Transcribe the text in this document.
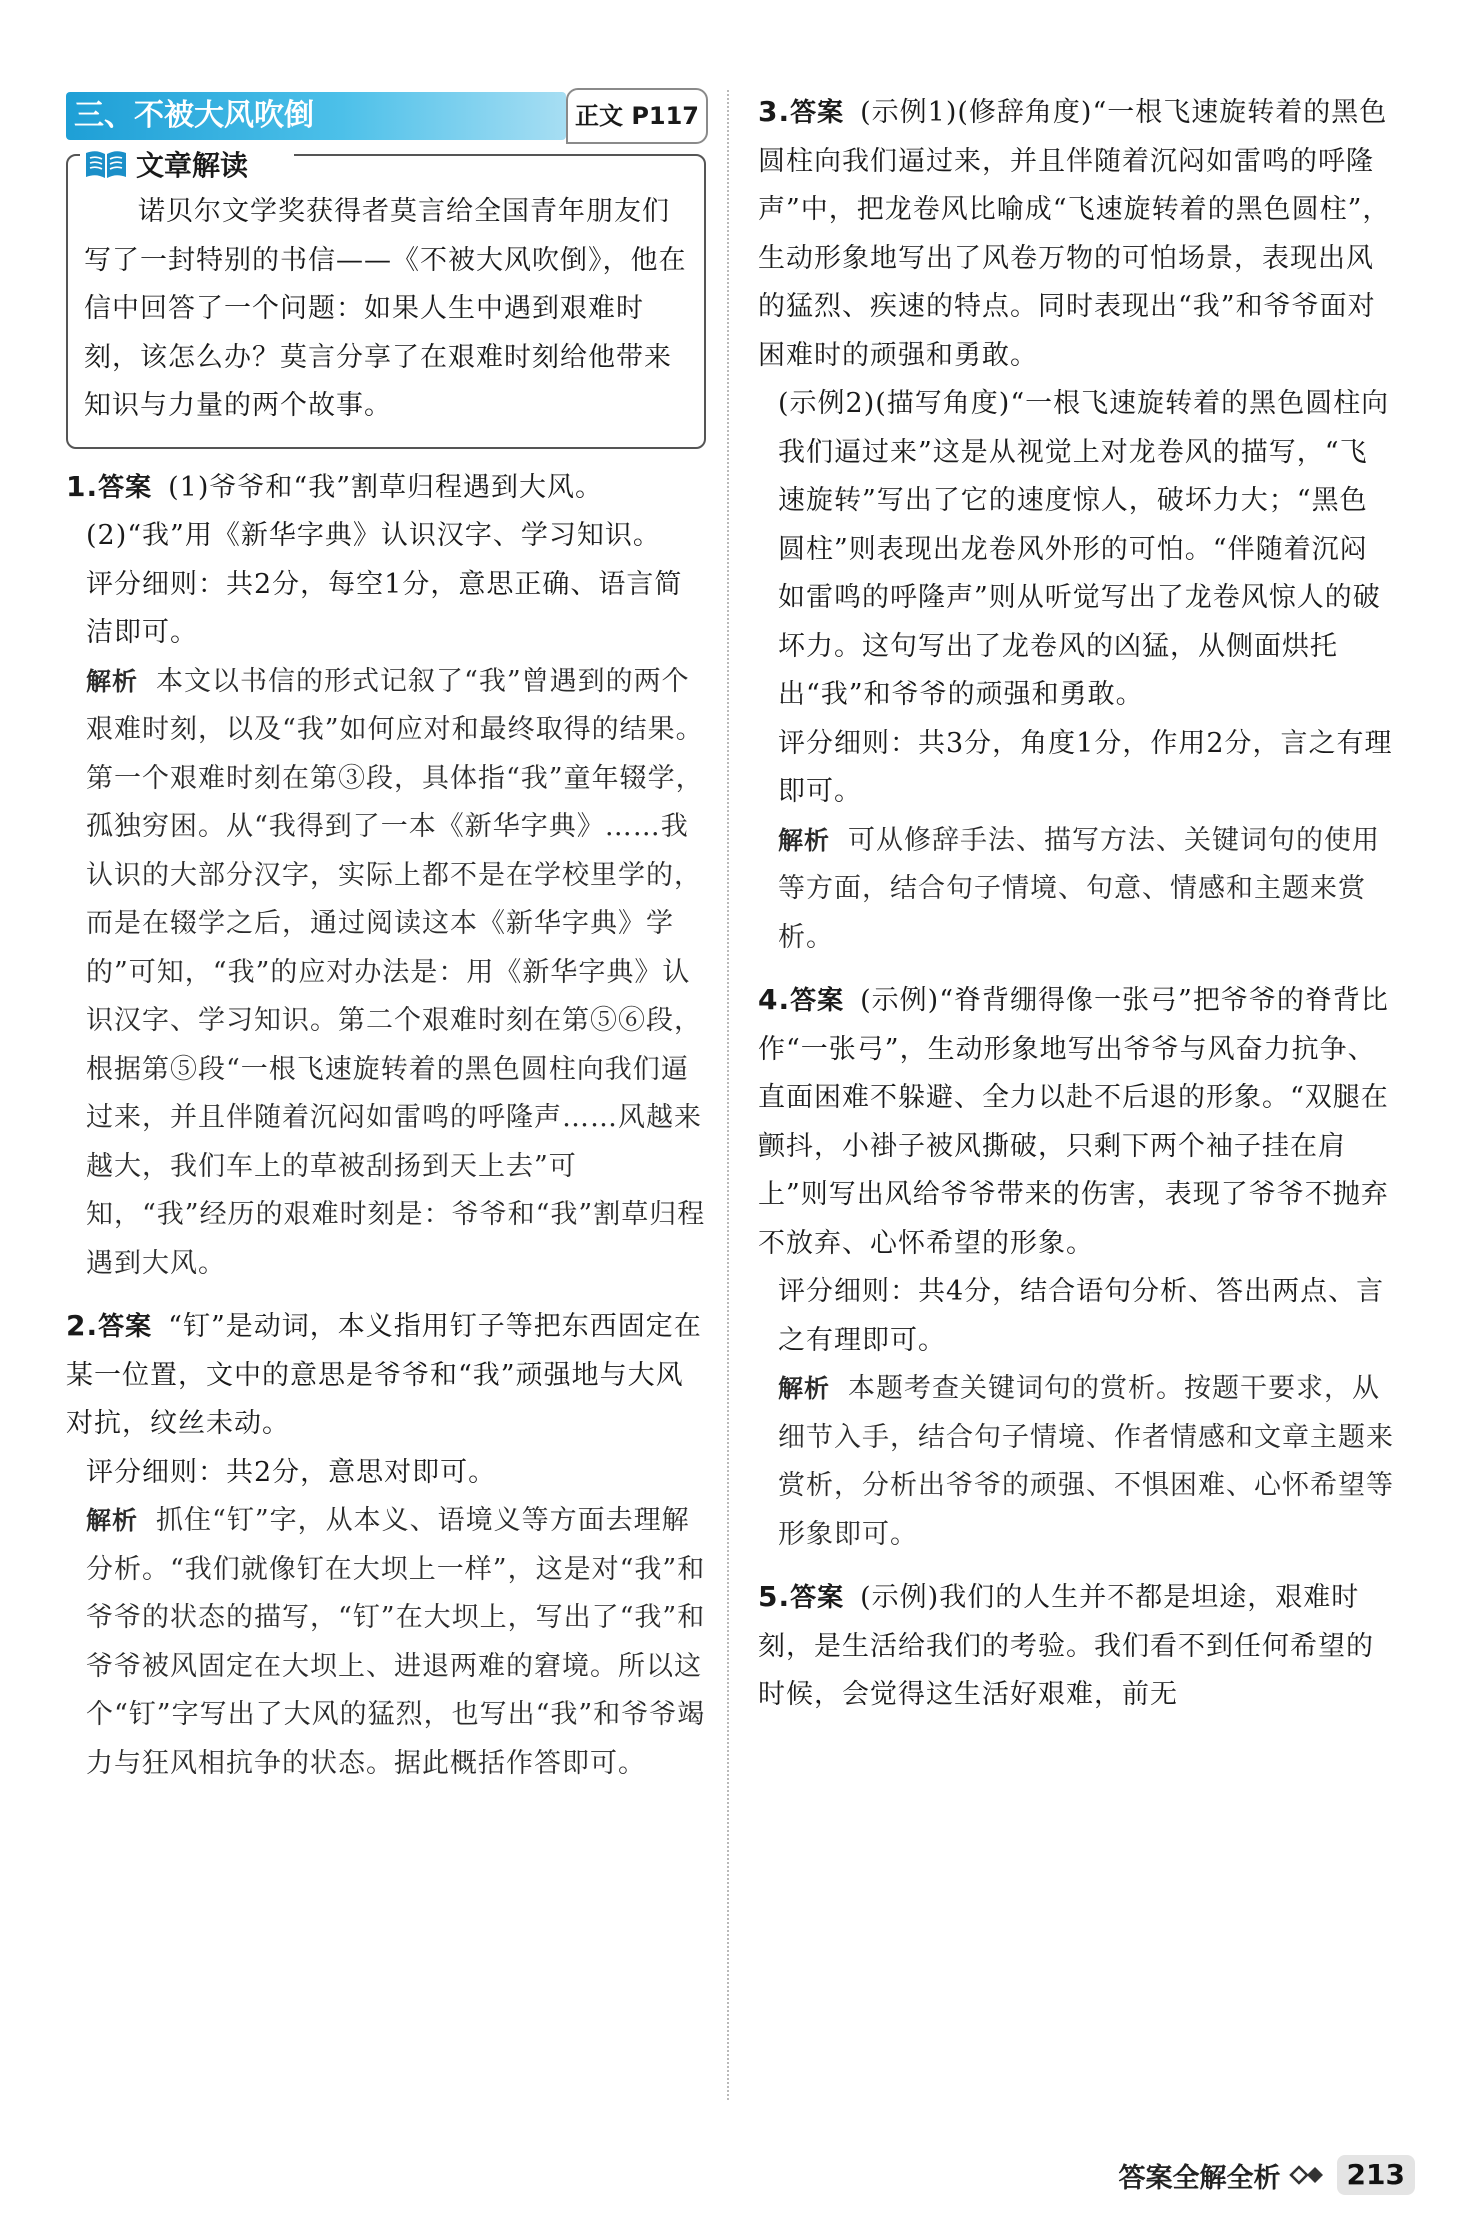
三、不被大风吹倒	正文 P117
文章解读

诺贝尔文学奖获得者莫言给全国青年朋友们写了一封特别的书信——《不被大风吹倒》，他在信中回答了一个问题：如果人生中遇到艰难时刻，该怎么办？莫言分享了在艰难时刻给他带来知识与力量的两个故事。

1.答案 (1)爷爷和“我”割草归程遇到大风。

(2)“我”用《新华字典》认识汉字、学习知识。

评分细则：共2分，每空1分，意思正确、语言简洁即可。

解析 本文以书信的形式记叙了“我”曾遇到的两个艰难时刻，以及“我”如何应对和最终取得的结果。第一个艰难时刻在第③段，具体指“我”童年辍学，孤独穷困。从“我得到了一本《新华字典》……我认识的大部分汉字，实际上都不是在学校里学的，而是在辍学之后，通过阅读这本《新华字典》学的”可知，“我”的应对办法是：用《新华字典》认识汉字、学习知识。第二个艰难时刻在第⑤⑥段，根据第⑤段“一根飞速旋转着的黑色圆柱向我们逼过来，并且伴随着沉闷如雷鸣的呼隆声……风越来越大，我们车上的草被刮扬到天上去”可知，“我”经历的艰难时刻是：爷爷和“我”割草归程遇到大风。

2.答案 “钉”是动词，本义指用钉子等把东西固定在某一位置，文中的意思是爷爷和“我”顽强地与大风对抗，纹丝未动。

评分细则：共2分，意思对即可。

解析 抓住“钉”字，从本义、语境义等方面去理解分析。“我们就像钉在大坝上一样”，这是对“我”和爷爷的状态的描写，“钉”在大坝上，写出了“我”和爷爷被风固定在大坝上、进退两难的窘境。所以这个“钉”字写出了大风的猛烈，也写出“我”和爷爷竭力与狂风相抗争的状态。据此概括作答即可。

3.答案 (示例1)(修辞角度)“一根飞速旋转着的黑色圆柱向我们逼过来，并且伴随着沉闷如雷鸣的呼隆声”中，把龙卷风比喻成“飞速旋转着的黑色圆柱”，生动形象地写出了风卷万物的可怕场景，表现出风的猛烈、疾速的特点。同时表现出“我”和爷爷面对困难时的顽强和勇敢。

(示例2)(描写角度)“一根飞速旋转着的黑色圆柱向我们逼过来”这是从视觉上对龙卷风的描写，“飞速旋转”写出了它的速度惊人，破坏力大；“黑色圆柱”则表现出龙卷风外形的可怕。“伴随着沉闷如雷鸣的呼隆声”则从听觉写出了龙卷风惊人的破坏力。这句写出了龙卷风的凶猛，从侧面烘托出“我”和爷爷的顽强和勇敢。

评分细则：共3分，角度1分，作用2分，言之有理即可。

解析 可从修辞手法、描写方法、关键词句的使用等方面，结合句子情境、句意、情感和主题来赏析。

4.答案 (示例)“脊背绷得像一张弓”把爷爷的脊背比作“一张弓”，生动形象地写出爷爷与风奋力抗争、直面困难不躲避、全力以赴不后退的形象。“双腿在颤抖，小褂子被风撕破，只剩下两个袖子挂在肩上”则写出风给爷爷带来的伤害，表现了爷爷不抛弃不放弃、心怀希望的形象。

评分细则：共4分，结合语句分析、答出两点、言之有理即可。

解析 本题考查关键词句的赏析。按题干要求，从细节入手，结合句子情境、作者情感和文章主题来赏析，分析出爷爷的顽强、不惧困难、心怀希望等形象即可。

5.答案 (示例)我们的人生并不都是坦途，艰难时刻，是生活给我们的考验。我们看不到任何希望的时候，会觉得这生活好艰难，前无

答案全解全析	213
